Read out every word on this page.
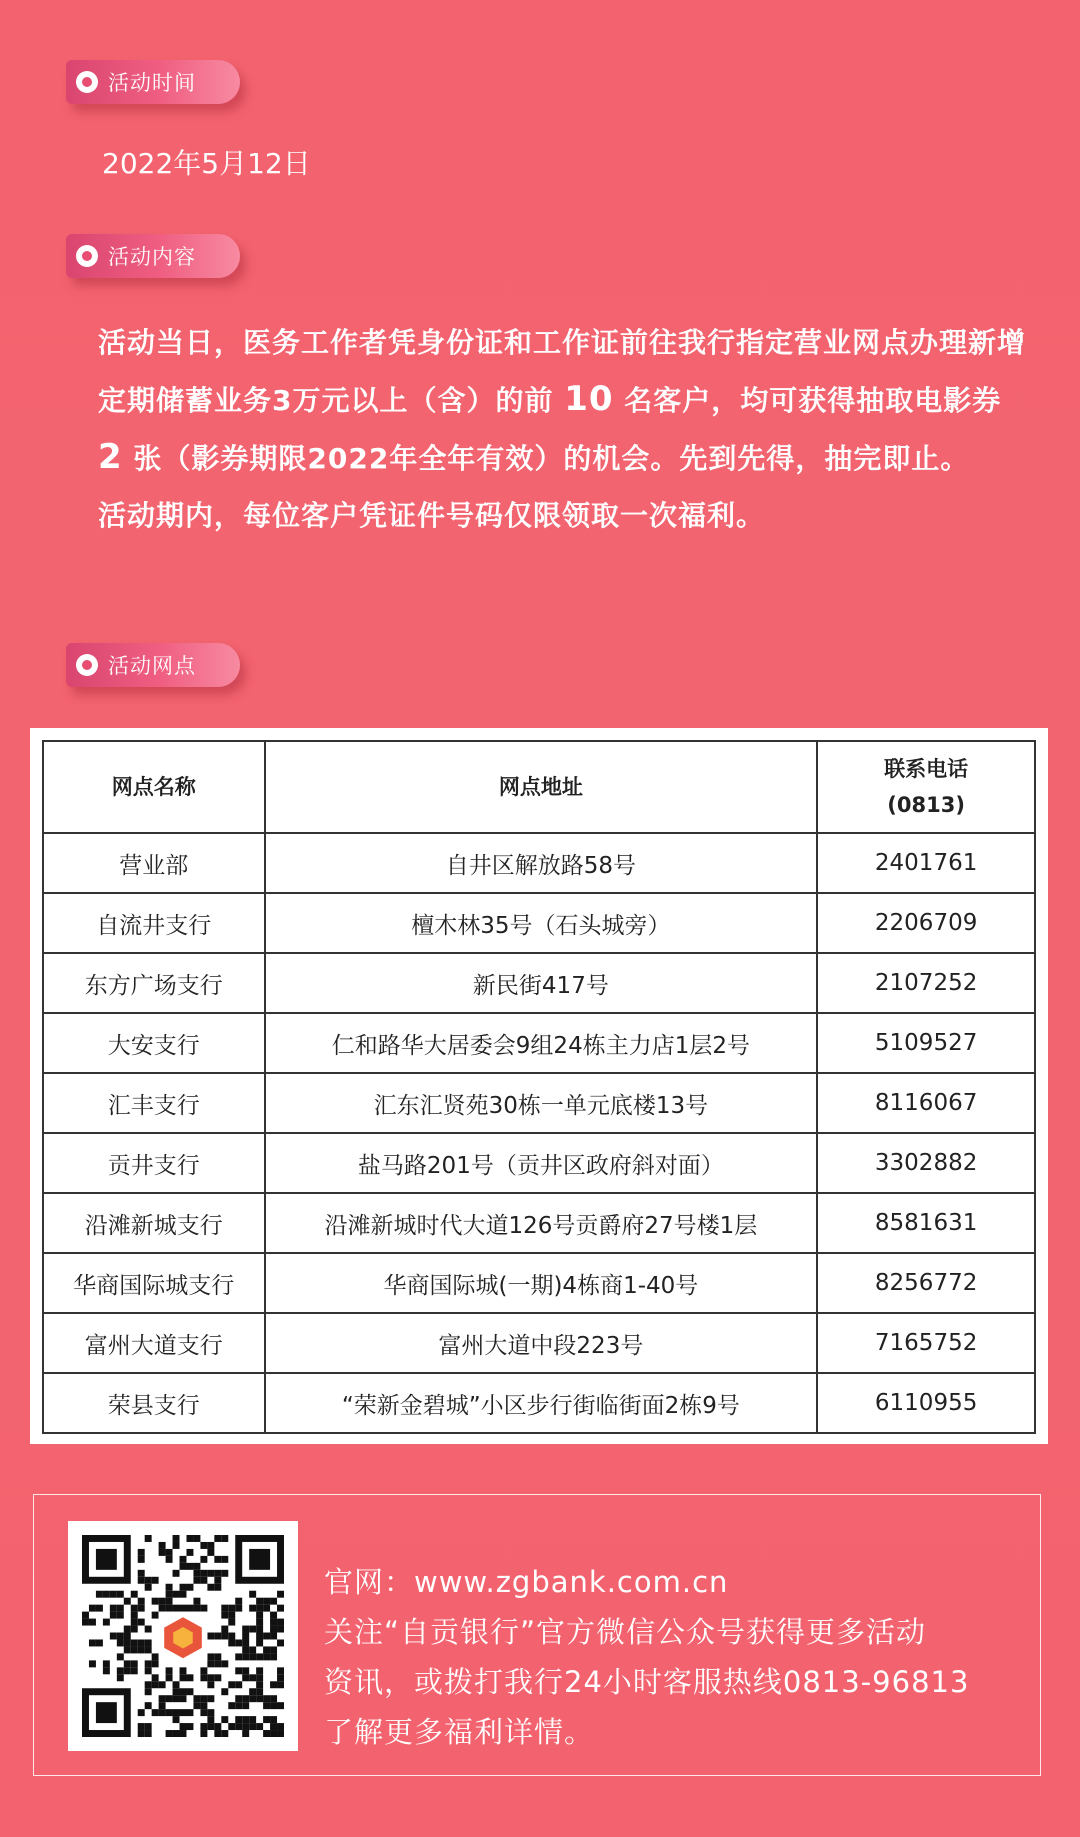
活动时间
2022年5月12日
活动内容

活动当日，医务工作者凭身份证和工作证前往我行指定营业网点办理新增定期储蓄业务3万元以上（含）的前 10 名客户，均可获得抽取电影券 2 张（影券期限2022年全年有效）的机会。先到先得，抽完即止。

活动期内，每位客户凭证件号码仅限领取一次福利。

活动网点
网点名称	网点地址	联系电话
(0813)

营业部	自井区解放路58号	2401761
自流井支行	檀木林35号（石头城旁）	2206709
东方广场支行	新民街417号	2107252
大安支行	仁和路华大居委会9组24栋主力店1层2号	5109527
汇丰支行	汇东汇贤苑30栋一单元底楼13号	8116067
贡井支行	盐马路201号（贡井区政府斜对面）	3302882
沿滩新城支行	沿滩新城时代大道126号贡爵府27号楼1层	8581631
华商国际城支行	华商国际城(一期)4栋商1-40号	8256772
富州大道支行	富州大道中段223号	7165752
荣县支行	“荣新金碧城”小区步行街临街面2栋9号	6110955
官网：www.zgbank.com.cn
关注“自贡银行”官方微信公众号获得更多活动
资讯，或拨打我行24小时客服热线0813-96813
了解更多福利详情。
